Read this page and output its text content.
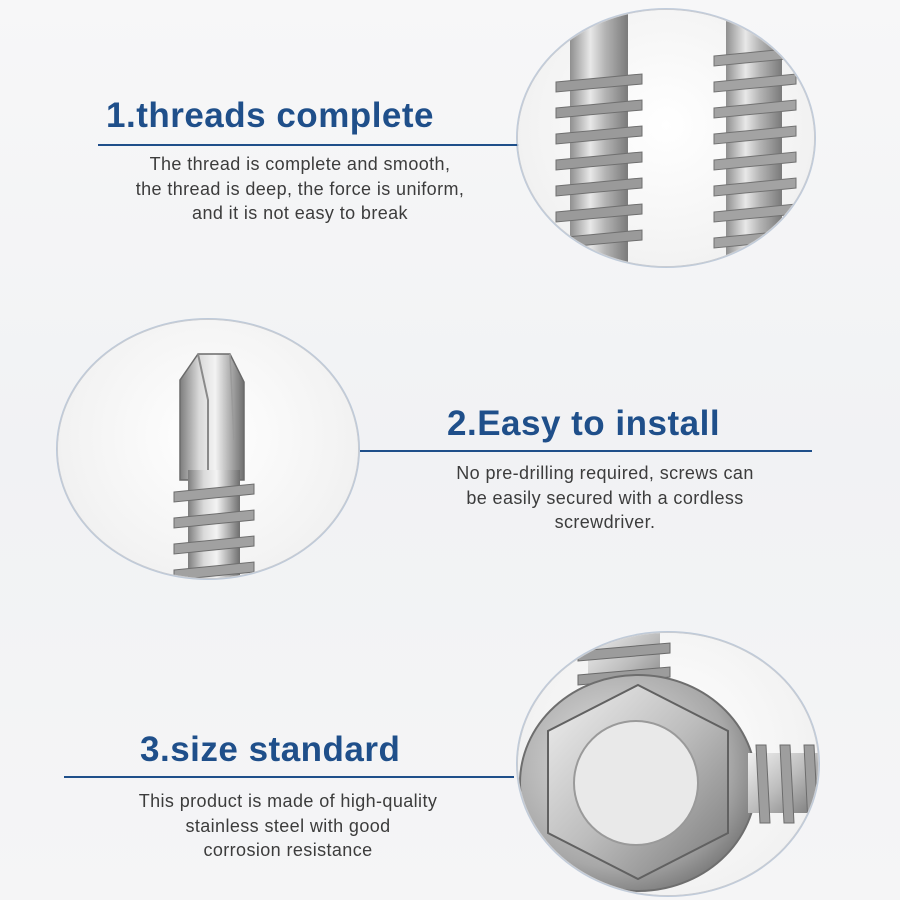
1.threads complete

The thread is complete and smooth,
the thread is deep, the force is uniform,
and it is not easy to break

2.Easy to install

No pre-drilling required, screws can
be easily secured with a cordless
screwdriver.

3.size standard

This product is made of high-quality
stainless steel with good
corrosion resistance
